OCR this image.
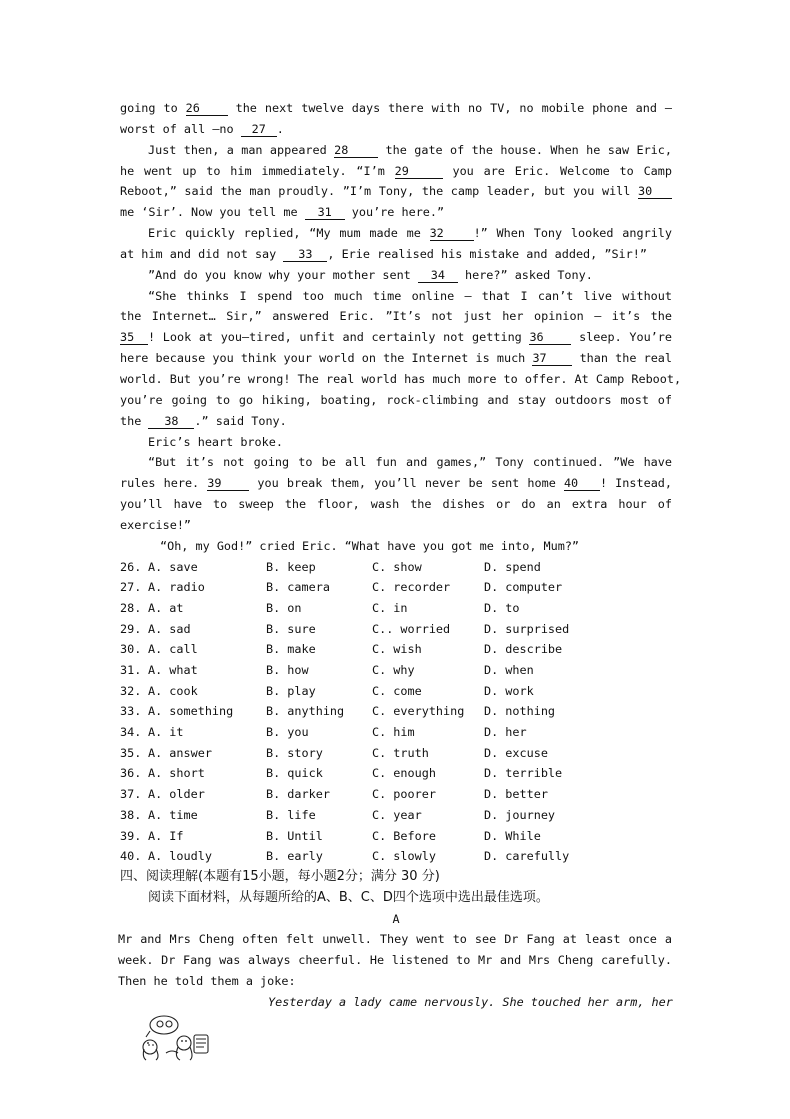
going to 26 the next twelve days there with no TV, no mobile phone and —
worst of all —no 27 .
Just then, a man appeared 28	the gate of the house. When he saw Eric,
he went up to him immediately. “I’m 29	you are Eric. Welcome to Camp
Reboot,ˮ said the man proudly. ˮI’m Tony, the camp leader, but you will 30
me ‘Sir’. Now you tell me 31 you’re here.ˮ
Eric quickly replied, “My mum made me 32	!” When Tony looked angrily
at him and did not say 33 , Erie realised his mistake and added, ˮSir!ˮ
ˮAnd do you know why your mother sent 34 here?ˮ asked Tony.
“She thinks I spend too much time online — that I can’t live without
the Internet… Sir,” answered Eric. ˮIt’s not just her opinion — it’s the
35 ! Look at you—tired, unfit and certainly not getting 36 sleep. You’re
here because you think your world on the Internet is much 37 than the real
world. But you’re wrong! The real world has much more to offer. At Camp Reboot,
you’re going to go hiking, boating, rock-climbing and stay outdoors most of
the 38 .ˮ said Tony.
Eric’s heart broke.
“But it’s not going to be all fun and games,ˮ Tony continued. ˮWe have
rules here. 39 you break them, you’ll never be sent home 40 ! Instead,
you’ll have to sweep the floor, wash the dishes or do an extra hour of
exercise!”
“Oh, my God!ˮ cried Eric. “What have you got me into, Mum?ˮ
26. A. save	B. keep	C. show	D. spend
27. A. radio	B. camera	C. recorder	D. computer
28. A. at	B. on	C. in	D. to
29. A. sad	B. sure	C.. worried	D. surprised
30. A. call	B. make	C. wish	D. describe
31. A. what	B. how	C. why	D. when
32. A. cook	B. play	C. come	D. work
33. A. something	B. anything C. everything D. nothing
34. A. it	B. you	C. him	D. her
35. A. answer	B. story	C. truth	D. excuse
36. A. short	B. quick	C. enough	D. terrible
37. A. older	B. darker	C. poorer	D. better
38. A. time	B. life	C. year	D. journey
39. A. If	B. Until	C. Before	D. While
40. A. loudly	B. early	C. slowly	D. carefully
四、阅读理解(本题有15小题，每小题2分；满分 30 分)
阅读下面材料，从每题所给的A、B、C、D四个选项中选出最佳选项。
A
Mr and Mrs Cheng often felt unwell. They went to see Dr Fang at least once a
week. Dr Fang was always cheerful. He listened to Mr and Mrs Cheng carefully.
Then he told them a joke:
Yesterday a lady came nervously. She touched her arm, her
